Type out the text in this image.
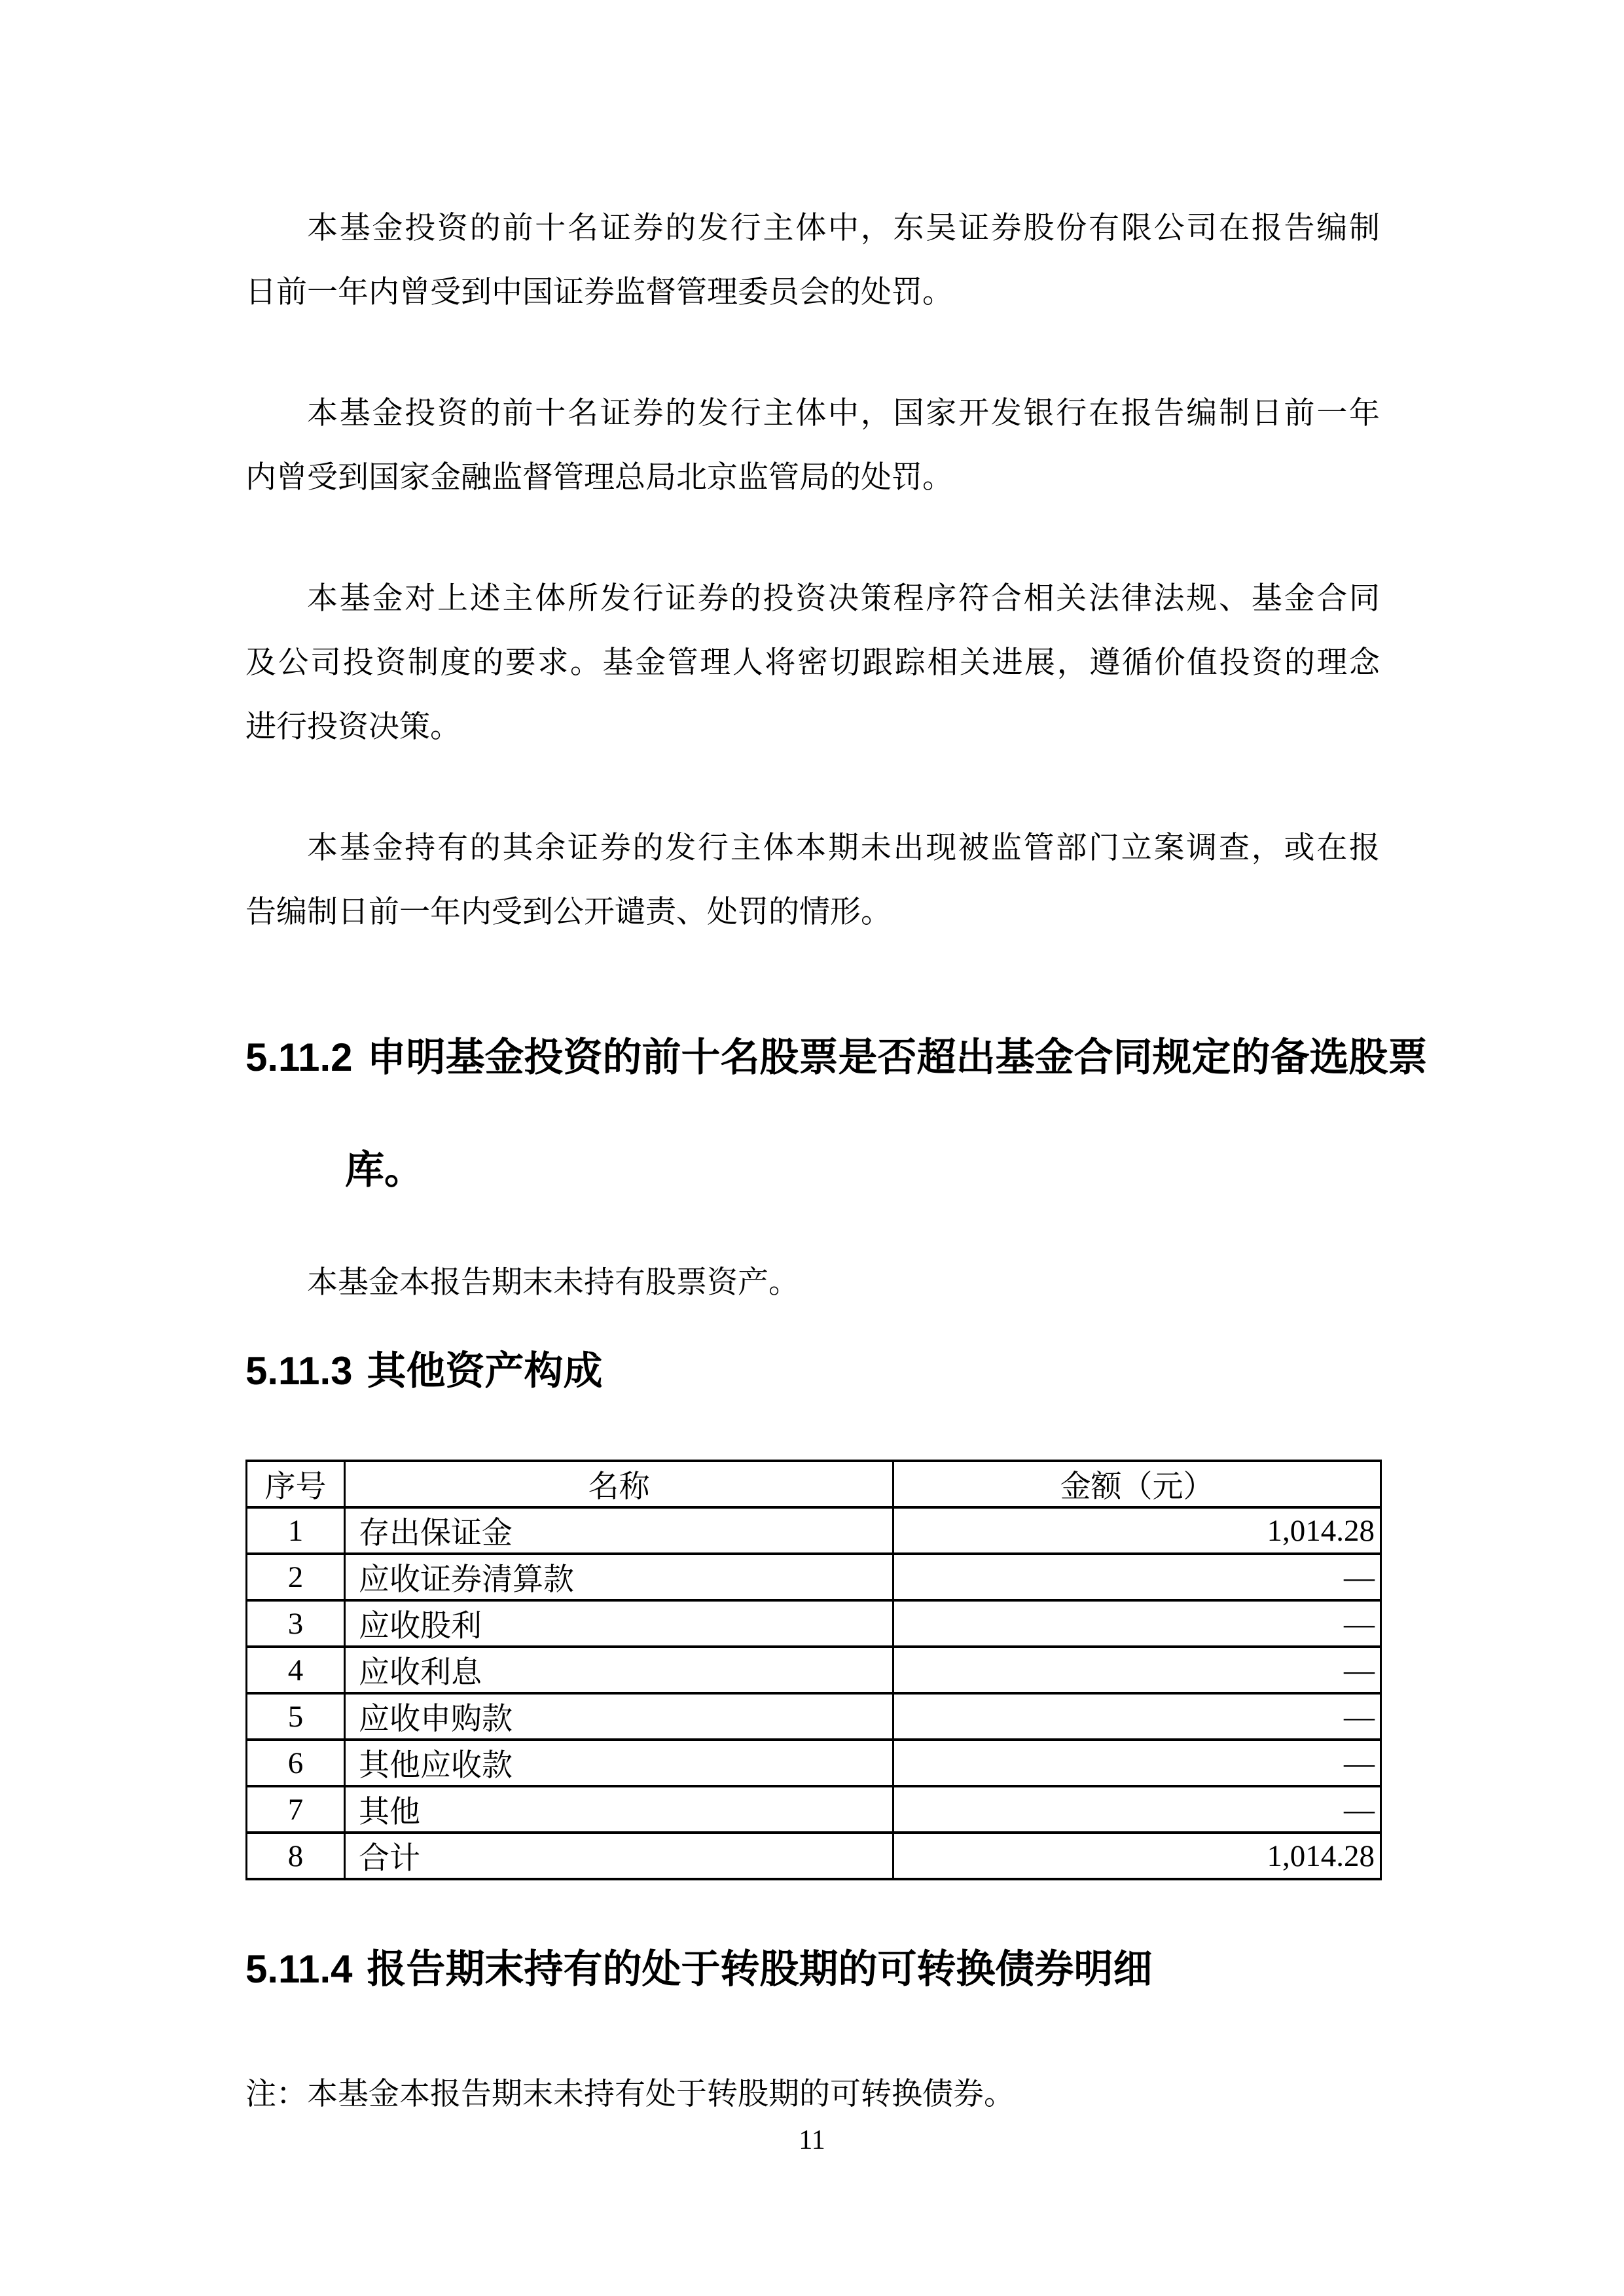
本基金投资的前十名证券的发行主体中，东吴证券股份有限公司在报告编制
日前一年内曾受到中国证券监督管理委员会的处罚。
本基金投资的前十名证券的发行主体中，国家开发银行在报告编制日前一年
内曾受到国家金融监督管理总局北京监管局的处罚。
本基金对上述主体所发行证券的投资决策程序符合相关法律法规、基金合同
及公司投资制度的要求。基金管理人将密切跟踪相关进展，遵循价值投资的理念
进行投资决策。
本基金持有的其余证券的发行主体本期未出现被监管部门立案调查，或在报
告编制日前一年内受到公开谴责、处罚的情形。
5.11.2 申明基金投资的前十名股票是否超出基金合同规定的备选股票
库。
本基金本报告期末未持有股票资产。
5.11.3 其他资产构成
序号	名称	金额（元）
1	存出保证金	1,014.28
2	应收证券清算款	—
3	应收股利	—
4	应收利息	—
5	应收申购款	—
6	其他应收款	—
7	其他	—
8	合计	1,014.28
5.11.4 报告期末持有的处于转股期的可转换债券明细
注：本基金本报告期末未持有处于转股期的可转换债券。
11
